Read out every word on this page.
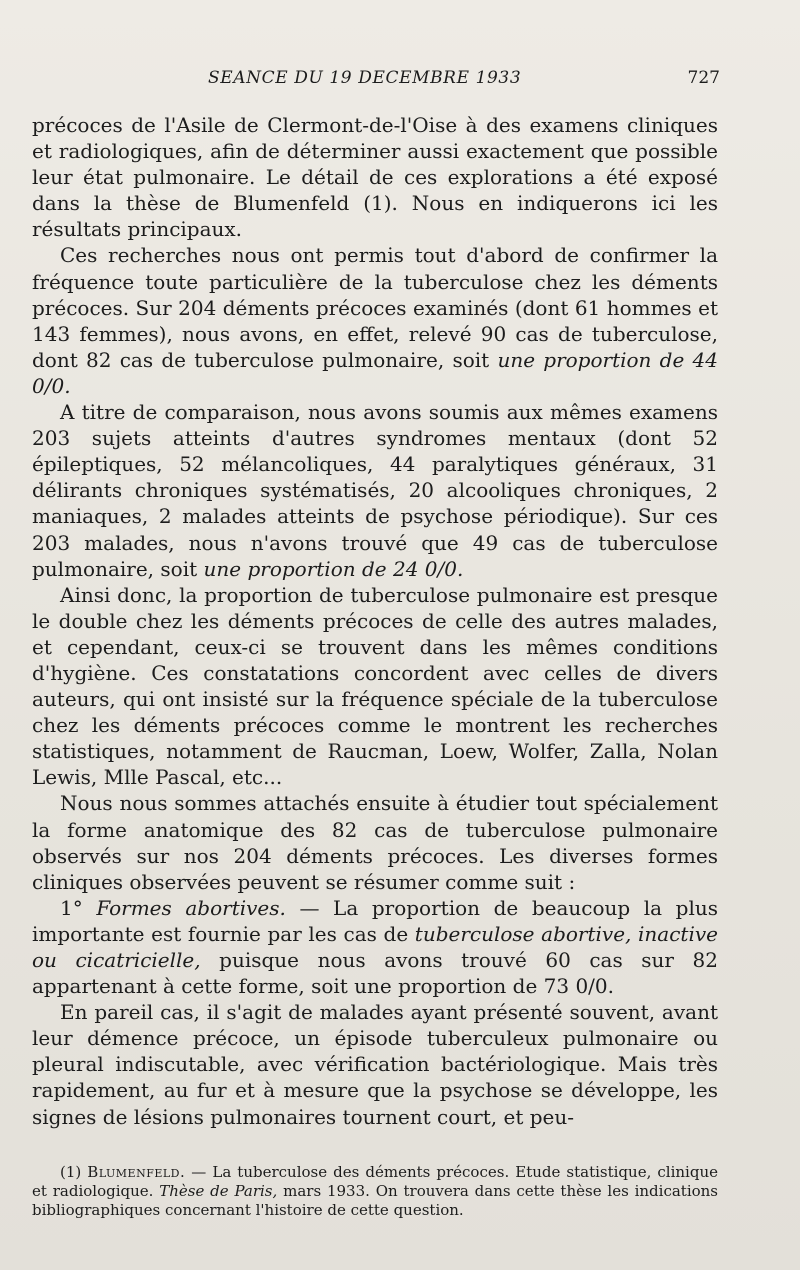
SEANCE DU 19 DECEMBRE 1933	727

précoces de l'Asile de Clermont-de-l'Oise à des examens cliniques et radiologiques, afin de déterminer aussi exactement que possible leur état pulmonaire. Le détail de ces explorations a été exposé dans la thèse de Blumenfeld (1). Nous en indiquerons ici les résultats principaux.

Ces recherches nous ont permis tout d'abord de confirmer la fréquence toute particulière de la tuberculose chez les déments précoces. Sur 204 déments précoces examinés (dont 61 hommes et 143 femmes), nous avons, en effet, relevé 90 cas de tuberculose, dont 82 cas de tuberculose pulmonaire, soit une proportion de 44 0/0.

A titre de comparaison, nous avons soumis aux mêmes examens 203 sujets atteints d'autres syndromes mentaux (dont 52 épileptiques, 52 mélancoliques, 44 paralytiques généraux, 31 délirants chroniques systématisés, 20 alcooliques chroniques, 2 maniaques, 2 malades atteints de psychose périodique). Sur ces 203 malades, nous n'avons trouvé que 49 cas de tuberculose pulmonaire, soit une proportion de 24 0/0.

Ainsi donc, la proportion de tuberculose pulmonaire est presque le double chez les déments précoces de celle des autres malades, et cependant, ceux-ci se trouvent dans les mêmes conditions d'hygiène. Ces constatations concordent avec celles de divers auteurs, qui ont insisté sur la fréquence spéciale de la tuberculose chez les déments précoces comme le montrent les recherches statistiques, notamment de Raucman, Loew, Wolfer, Zalla, Nolan Lewis, Mlle Pascal, etc...

Nous nous sommes attachés ensuite à étudier tout spécialement la forme anatomique des 82 cas de tuberculose pulmonaire observés sur nos 204 déments précoces. Les diverses formes cliniques observées peuvent se résumer comme suit :

1° Formes abortives. — La proportion de beaucoup la plus importante est fournie par les cas de tuberculose abortive, inactive ou cicatricielle, puisque nous avons trouvé 60 cas sur 82 appartenant à cette forme, soit une proportion de 73 0/0.

En pareil cas, il s'agit de malades ayant présenté souvent, avant leur démence précoce, un épisode tuberculeux pulmonaire ou pleural indiscutable, avec vérification bactériologique. Mais très rapidement, au fur et à mesure que la psychose se développe, les signes de lésions pulmonaires tournent court, et peu-

(1) Blumenfeld. — La tuberculose des déments précoces. Etude statistique, clinique et radiologique. Thèse de Paris, mars 1933. On trouvera dans cette thèse les indications bibliographiques concernant l'histoire de cette question.
